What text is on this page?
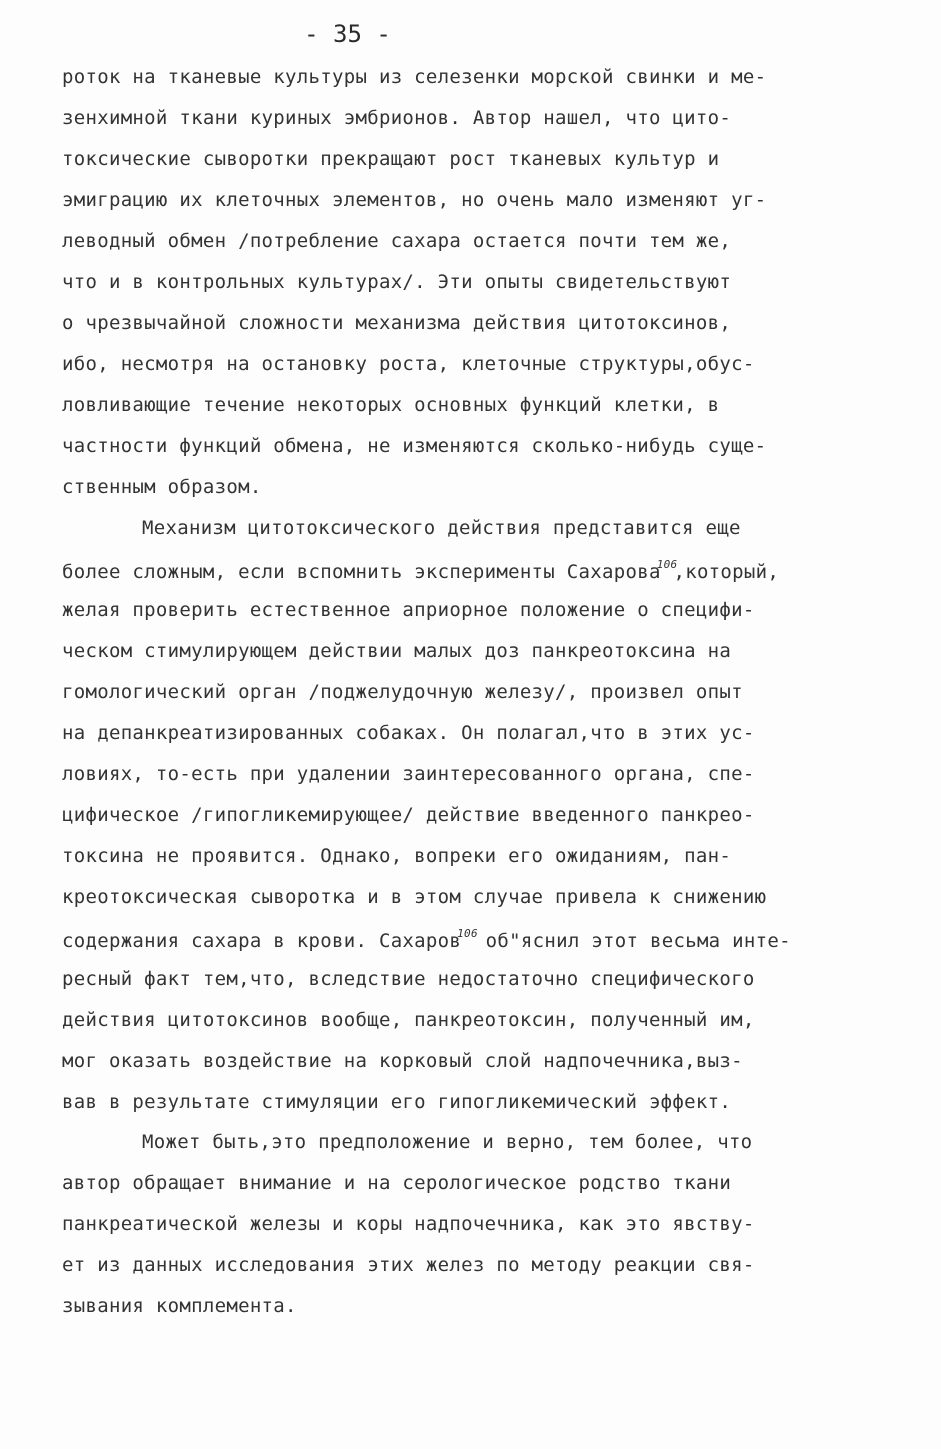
- 35 -
роток на тканевые культуры из селезенки морской свинки и ме-
зенхимной ткани куриных эмбрионов. Автор нашел, что цито-
токсические сыворотки прекращают рост тканевых культур и
эмиграцию их клеточных элементов, но очень мало изменяют уг-
леводный обмен /потребление сахара остается почти тем же,
что и в контрольных культурах/. Эти опыты свидетельствуют
о чрезвычайной сложности механизма действия цитотоксинов,
ибо, несмотря на остановку роста, клеточные структуры,обус-
ловливающие течение некоторых основных функций клетки, в
частности функций обмена, не изменяются сколько-нибудь суще-
ственным образом.
Механизм цитотоксического действия представится еще
более сложным, если вспомнить эксперименты Сахарова$^{106}$,который,
желая проверить естественное априорное положение о специфи-
ческом стимулирующем действии малых доз панкреотоксина на
гомологический орган /поджелудочную железу/, произвел опыт
на депанкреатизированных собаках. Он полагал,что в этих ус-
ловиях, то-есть при удалении заинтересованного органа, спе-
цифическое /гипогликемирующее/ действие введенного панкрео-
токсина не проявится. Однако, вопреки его ожиданиям, пан-
креотоксическая сыворотка и в этом случае привела к снижению
содержания сахара в крови. Сахаров$^{106}$ об"яснил этот весьма инте-
ресный факт тем,что, вследствие недостаточно специфического
действия цитотоксинов вообще, панкреотоксин, полученный им,
мог оказать воздействие на корковый слой надпочечника,выз-
вав в результате стимуляции его гипогликемический эффект.
Может быть,это предположение и верно, тем более, что
автор обращает внимание и на серологическое родство ткани
панкреатической железы и коры надпочечника, как это явству-
ет из данных исследования этих желез по методу реакции свя-
зывания комплемента.
